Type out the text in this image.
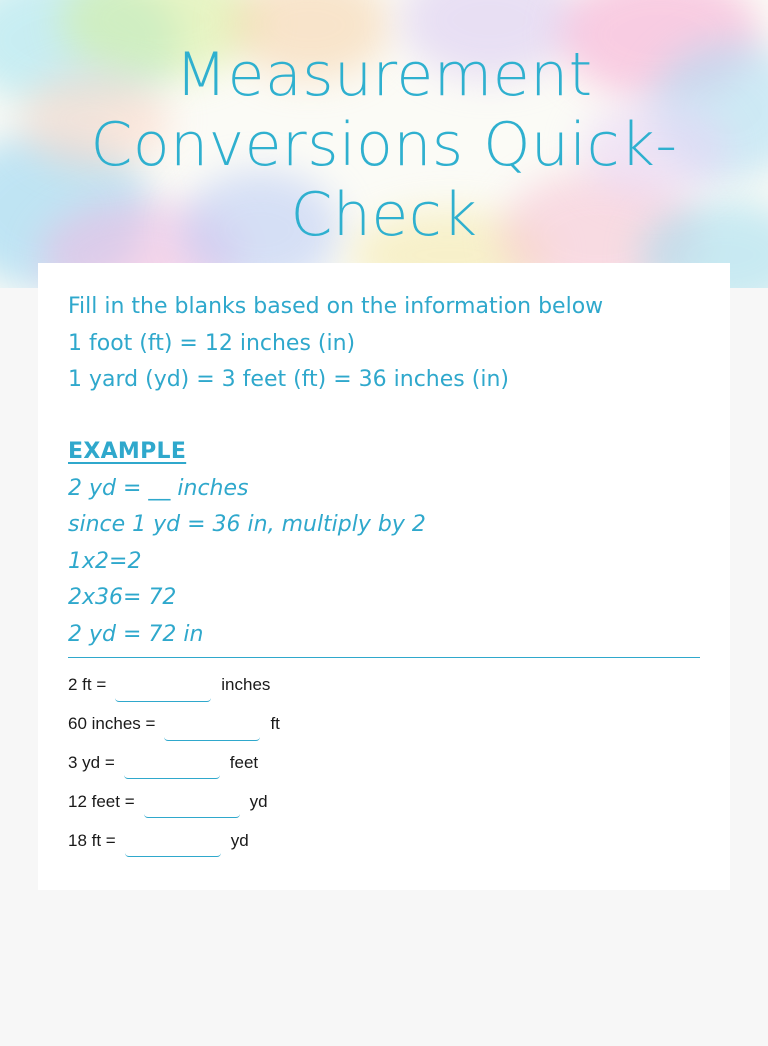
Measurement Conversions Quick-Check
Fill in the blanks based on the information below
1 foot (ft) = 12 inches (in)
1 yard (yd) = 3 feet (ft) = 36 inches (in)
EXAMPLE
2 yd = __ inches
since 1 yd = 36 in, multiply by 2
1x2=2
2x36= 72
2 yd = 72 in
2 ft =	inches
60 inches =	ft
3 yd =	feet
12 feet =	yd
18 ft =	yd
